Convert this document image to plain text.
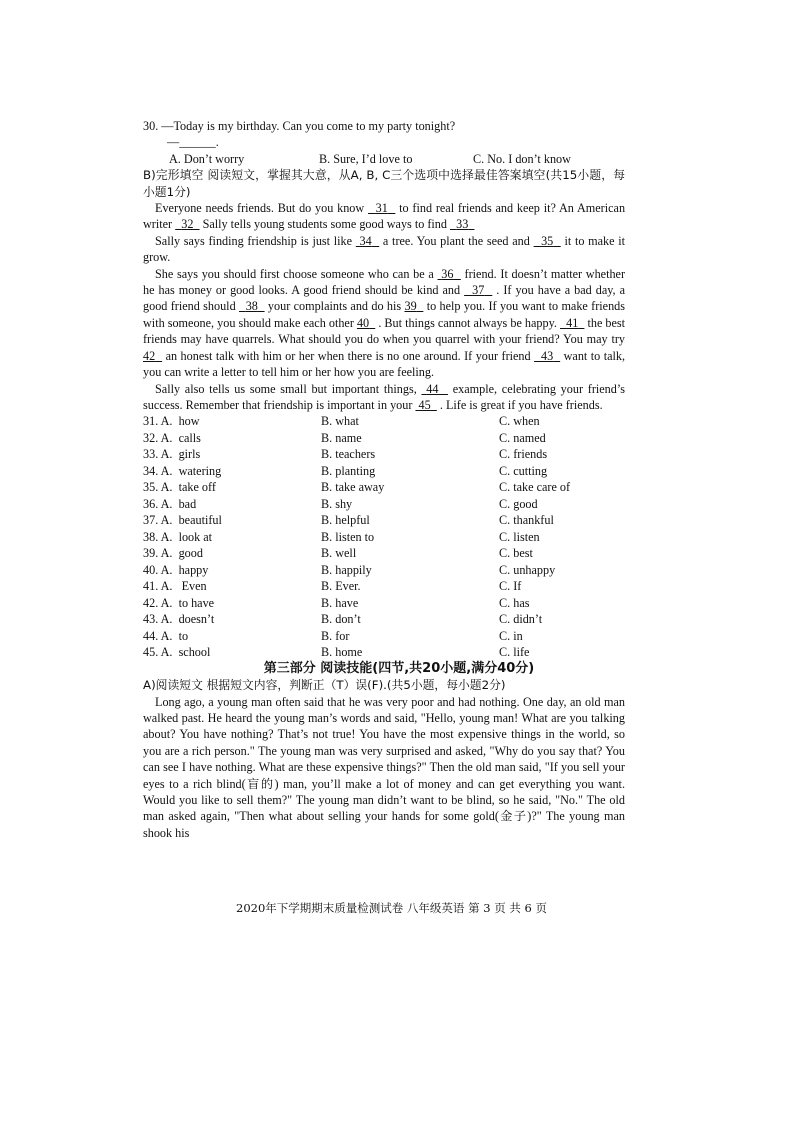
30. —Today is my birthday. Can you come to my party tonight?

—______.

A. Don’t worry	B. Sure, I’d love to	C. No. I don’t know

B)完形填空 阅读短文，掌握其大意，从A, B, C三个选项中选择最佳答案填空(共15小题，每小题1分)

Everyone needs friends. But do you know 31 to find real friends and keep it? An American writer 32 Sally tells young students some good ways to find 33

Sally says finding friendship is just like 34 a tree. You plant the seed and 35 it to make it grow.

She says you should first choose someone who can be a 36 friend. It doesn’t matter whether he has money or good looks. A good friend should be kind and 37 . If you have a bad day, a good friend should 38 your complaints and do his 39 to help you. If you want to make friends with someone, you should make each other 40 . But things cannot always be happy. 41 the best friends may have quarrels. What should you do when you quarrel with your friend? You may try 42 an honest talk with him or her when there is no one around. If your friend 43 want to talk, you can write a letter to tell him or her how you are feeling.

Sally also tells us some small but important things, 44 example, celebrating your friend’s success. Remember that friendship is important in your 45 . Life is great if you have friends.

31. A. how	B. what	C. when
32. A. calls	B. name	C. named
33. A. girls	B. teachers	C. friends
34. A. watering	B. planting	C. cutting
35. A. take off	B. take away	C. take care of
36. A. bad	B. shy	C. good
37. A. beautiful	B. helpful	C. thankful
38. A. look at	B. listen to	C. listen
39. A. good	B. well	C. best
40. A. happy	B. happily	C. unhappy
41. A. Even	B. Ever.	C. If
42. A. to have	B. have	C. has
43. A. doesn’t	B. don’t	C. didn’t
44. A. to	B. for	C. in
45. A. school	B. home	C. life

第三部分 阅读技能(四节,共20小题,满分40分)

A)阅读短文 根据短文内容，判断正（T）误(F).(共5小题，每小题2分)

Long ago, a young man often said that he was very poor and had nothing. One day, an old man walked past. He heard the young man’s words and said, "Hello, young man! What are you talking about? You have nothing? That’s not true! You have the most expensive things in the world, so you are a rich person." The young man was very surprised and asked, "Why do you say that? You can see I have nothing. What are these expensive things?" Then the old man said, "If you sell your eyes to a rich blind(盲的) man, you’ll make a lot of money and can get everything you want. Would you like to sell them?" The young man didn’t want to be blind, so he said, "No." The old man asked again, "Then what about selling your hands for some gold(金子)?" The young man shook his

2020年下学期期末质量检测试卷 八年级英语 第 3 页 共 6 页
